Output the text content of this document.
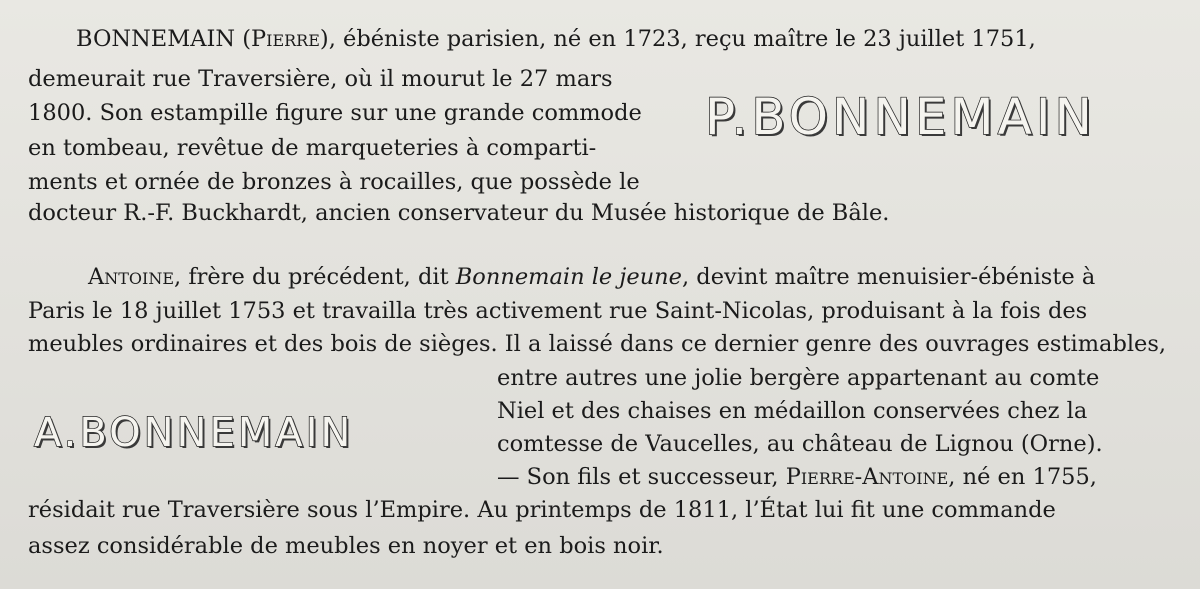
BONNEMAIN (Pierre), ébéniste parisien, né en 1723, reçu maître le 23 juillet 1751,
demeurait rue Traversière, où il mourut le 27 mars
1800. Son estampille figure sur une grande commode
en tombeau, revêtue de marqueteries à comparti-
ments et ornée de bronzes à rocailles, que possède le
docteur R.-F. Buckhardt, ancien conservateur du Musée historique de Bâle.
Antoine, frère du précédent, dit Bonnemain le jeune, devint maître menuisier-ébéniste à
Paris le 18 juillet 1753 et travailla très activement rue Saint-Nicolas, produisant à la fois des
meubles ordinaires et des bois de sièges. Il a laissé dans ce dernier genre des ouvrages estimables,
entre autres une jolie bergère appartenant au comte
Niel et des chaises en médaillon conservées chez la
comtesse de Vaucelles, au château de Lignou (Orne).
— Son fils et successeur, Pierre-Antoine, né en 1755,
résidait rue Traversière sous l’Empire. Au printemps de 1811, l’État lui fit une commande
assez considérable de meubles en noyer et en bois noir.
P.BONNEMAIN
A.BONNEMAIN
